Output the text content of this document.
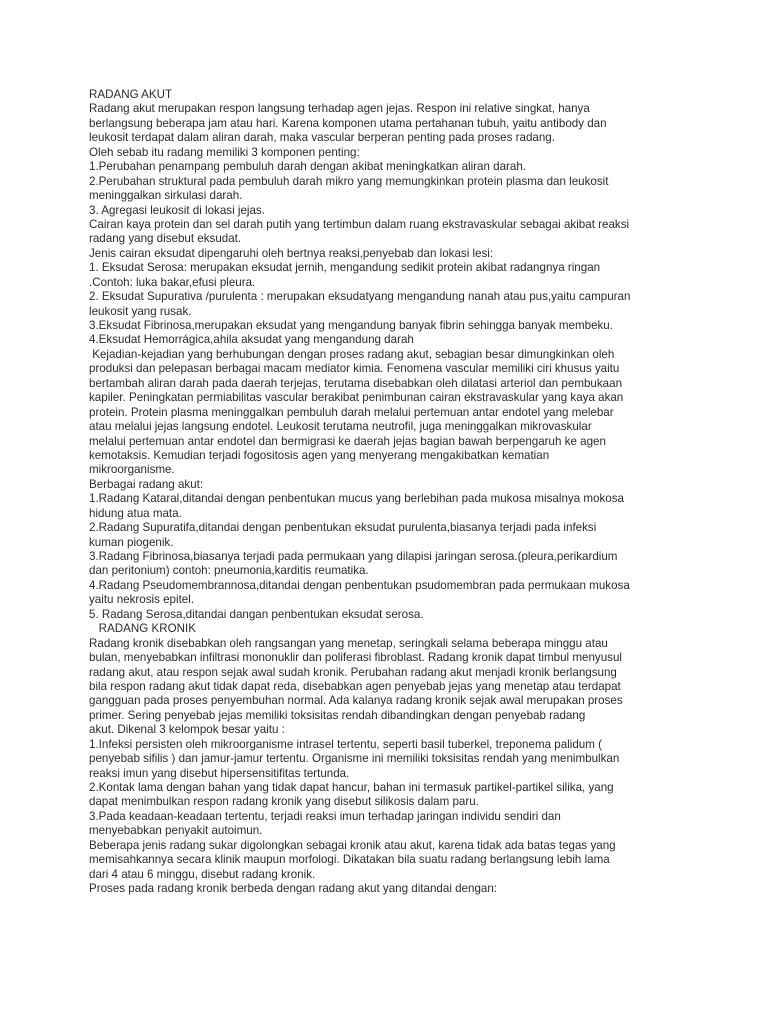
RADANG AKUT
Radang akut merupakan respon langsung terhadap agen jejas. Respon ini relative singkat, hanya
berlangsung beberapa jam atau hari. Karena komponen utama pertahanan tubuh, yaitu antibody dan
leukosit terdapat dalam aliran darah, maka vascular berperan penting pada proses radang.
Oleh sebab itu radang memiliki 3 komponen penting:
1.Perubahan penampang pembuluh darah dengan akibat meningkatkan aliran darah.
2.Perubahan struktural pada pembuluh darah mikro yang memungkinkan protein plasma dan leukosit
meninggalkan sirkulasi darah.
3. Agregasi leukosit di lokasi jejas.
Cairan kaya protein dan sel darah putih yang tertimbun dalam ruang ekstravaskular sebagai akibat reaksi
radang yang disebut eksudat.
Jenis cairan eksudat dipengaruhi oleh bertnya reaksi,penyebab dan lokasi lesi:
1. Eksudat Serosa: merupakan eksudat jernih, mengandung sedikit protein akibat radangnya ringan
.Contoh: luka bakar,efusi pleura.
2. Eksudat Supurativa /purulenta : merupakan eksudatyang mengandung nanah atau pus,yaitu campuran
leukosit yang rusak.
3.Eksudat Fibrinosa,merupakan eksudat yang mengandung banyak fibrin sehingga banyak membeku.
4.Eksudat Hemorrágica,ahila aksudat yang mengandung darah
Kejadian-kejadian yang berhubungan dengan proses radang akut, sebagian besar dimungkinkan oleh
produksi dan pelepasan berbagai macam mediator kimia. Fenomena vascular memiliki ciri khusus yaitu
bertambah aliran darah pada daerah terjejas, terutama disebabkan oleh dilatasi arteriol dan pembukaan
kapiler. Peningkatan permiabilitas vascular berakibat penimbunan cairan ekstravaskular yang kaya akan
protein. Protein plasma meninggalkan pembuluh darah melalui pertemuan antar endotel yang melebar
atau melalui jejas langsung endotel. Leukosit terutama neutrofil, juga meninggalkan mikrovaskular
melalui pertemuan antar endotel dan bermigrasi ke daerah jejas bagian bawah berpengaruh ke agen
kemotaksis. Kemudian terjadi fogositosis agen yang menyerang mengakibatkan kematian
mikroorganisme.
Berbagai radang akut:
1.Radang Kataral,ditandai dengan penbentukan mucus yang berlebihan pada mukosa misalnya mokosa
hidung atua mata.
2.Radang Supuratifa,ditandai dengan penbentukan eksudat purulenta,biasanya terjadi pada infeksi
kuman piogenik.
3.Radang Fibrinosa,biasanya terjadi pada permukaan yang dilapisi jaringan serosa.(pleura,perikardium
dan peritonium) contoh: pneumonia,karditis reumatika.
4.Radang Pseudomembrannosa,ditandai dengan penbentukan psudomembran pada permukaan mukosa
yaitu nekrosis epitel.
5. Radang Serosa,ditandai dangan penbentukan eksudat serosa.
RADANG KRONIK
Radang kronik disebabkan oleh rangsangan yang menetap, seringkali selama beberapa minggu atau
bulan, menyebabkan infiltrasi mononuklir dan poliferasi fibroblast. Radang kronik dapat timbul menyusul
radang akut, atau respon sejak awal sudah kronik. Perubahan radang akut menjadi kronik berlangsung
bila respon radang akut tidak dapat reda, disebabkan agen penyebab jejas yang menetap atau terdapat
gangguan pada proses penyembuhan normal. Ada kalanya radang kronik sejak awal merupakan proses
primer. Sering penyebab jejas memiliki toksisitas rendah dibandingkan dengan penyebab radang
akut. Dikenal 3 kelompok besar yaitu :
1.Infeksi persisten oleh mikroorganisme intrasel tertentu, seperti basil tuberkel, treponema palidum (
penyebab sifilis ) dan jamur-jamur tertentu. Organisme ini memiliki toksisitas rendah yang menimbulkan
reaksi imun yang disebut hipersensitifitas tertunda.
2.Kontak lama dengan bahan yang tidak dapat hancur, bahan ini termasuk partikel-partikel silika, yang
dapat menimbulkan respon radang kronik yang disebut silikosis dalam paru.
3.Pada keadaan-keadaan tertentu, terjadi reaksi imun terhadap jaringan individu sendiri dan
menyebabkan penyakit autoimun.
Beberapa jenis radang sukar digolongkan sebagai kronik atau akut, karena tidak ada batas tegas yang
memisahkannya secara klinik maupun morfologi. Dikatakan bila suatu radang berlangsung lebih lama
dari 4 atau 6 minggu, disebut radang kronik.
Proses pada radang kronik berbeda dengan radang akut yang ditandai dengan:
